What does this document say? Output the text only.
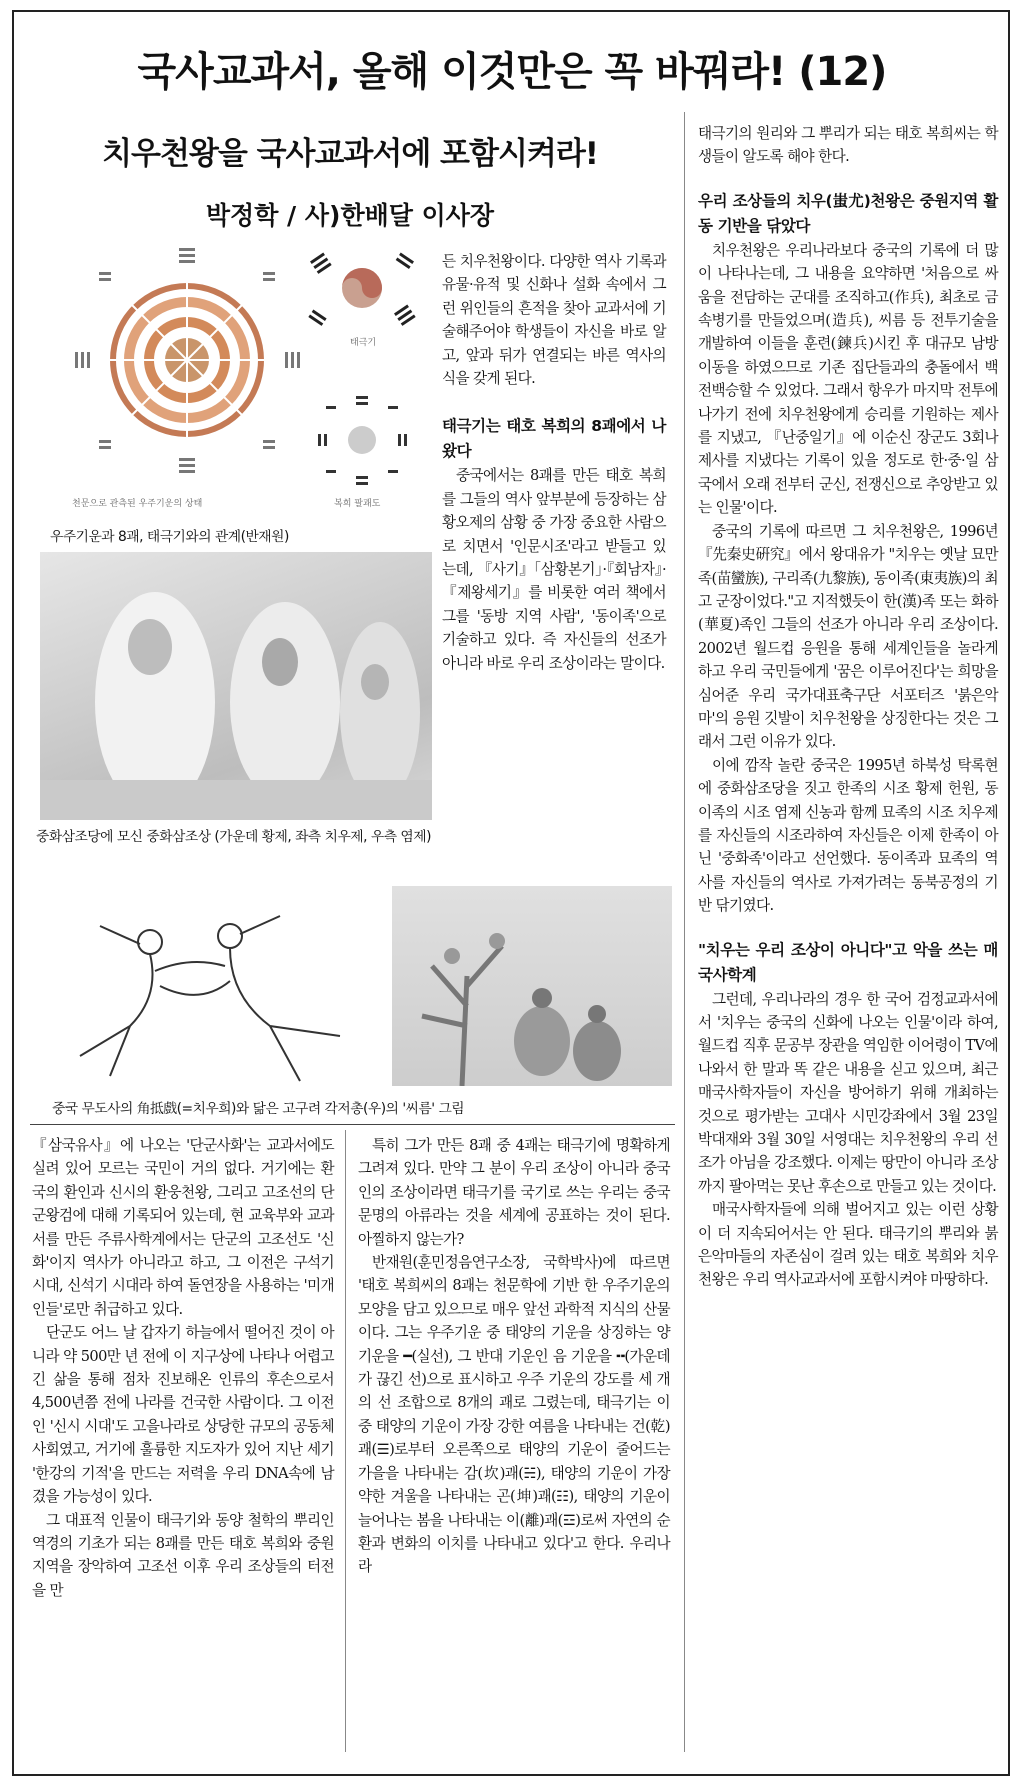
국사교과서, 올해 이것만은 꼭 바꿔라! (12)
치우천왕을 국사교과서에 포함시켜라!
박정학 / 사)한배달 이사장
천문으로 관측된 우주기운의 상태
태극기
복희 팔괘도
우주기운과 8괘, 태극기와의 관계(반재원)
중화삼조당에 모신 중화삼조상 (가운데 황제, 좌측 치우제, 우측 염제)
중국 무도사의 角抵戲(=치우희)와 닮은 고구려 각저총(우)의 '씨름' 그림

든 치우천왕이다. 다양한 역사 기록과 유물·유적 및 신화나 설화 속에서 그런 위인들의 흔적을 찾아 교과서에 기술해주어야 학생들이 자신을 바로 알고, 앞과 뒤가 연결되는 바른 역사의식을 갖게 된다.

태극기는 태호 복희의 8괘에서 나왔다

중국에서는 8괘를 만든 태호 복희를 그들의 역사 앞부분에 등장하는 삼황오제의 삼황 중 가장 중요한 사람으로 치면서 '인문시조'라고 받들고 있는데, 『사기』「삼황본기」·『회남자』·『제왕세기』를 비롯한 여러 책에서 그를 '동방 지역 사람', '동이족'으로 기술하고 있다. 즉 자신들의 선조가 아니라 바로 우리 조상이라는 말이다.

태극기의 원리와 그 뿌리가 되는 태호 복희씨는 학생들이 알도록 해야 한다.

우리 조상들의 치우(蚩尤)천왕은 중원지역 활동 기반을 닦았다

치우천왕은 우리나라보다 중국의 기록에 더 많이 나타나는데, 그 내용을 요약하면 '처음으로 싸움을 전담하는 군대를 조직하고(作兵), 최초로 금속병기를 만들었으며(造兵), 씨름 등 전투기술을 개발하여 이들을 훈련(鍊兵)시킨 후 대규모 남방 이동을 하였으므로 기존 집단들과의 충돌에서 백전백승할 수 있었다. 그래서 항우가 마지막 전투에 나가기 전에 치우천왕에게 승리를 기원하는 제사를 지냈고, 『난중일기』에 이순신 장군도 3회나 제사를 지냈다는 기록이 있을 정도로 한·중·일 삼국에서 오래 전부터 군신, 전쟁신으로 추앙받고 있는 인물'이다.

중국의 기록에 따르면 그 치우천왕은, 1996년 『先秦史硏究』에서 왕대유가 "치우는 옛날 묘만족(苗蠻族), 구리족(九黎族), 동이족(東夷族)의 최고 군장이었다."고 지적했듯이 한(漢)족 또는 화하(華夏)족인 그들의 선조가 아니라 우리 조상이다. 2002년 월드컵 응원을 통해 세계인들을 놀라게 하고 우리 국민들에게 '꿈은 이루어진다'는 희망을 심어준 우리 국가대표축구단 서포터즈 '붉은악마'의 응원 깃발이 치우천왕을 상징한다는 것은 그래서 그런 이유가 있다.

이에 깜작 놀란 중국은 1995년 하북성 탁록현에 중화삼조당을 짓고 한족의 시조 황제 헌원, 동이족의 시조 염제 신농과 함께 묘족의 시조 치우제를 자신들의 시조라하여 자신들은 이제 한족이 아닌 '중화족'이라고 선언했다. 동이족과 묘족의 역사를 자신들의 역사로 가져가려는 동북공정의 기반 닦기였다.

"치우는 우리 조상이 아니다"고 악을 쓰는 매국사학계

그런데, 우리나라의 경우 한 국어 검정교과서에서 '치우는 중국의 신화에 나오는 인물'이라 하여, 월드컵 직후 문공부 장관을 역임한 이어령이 TV에 나와서 한 말과 똑 같은 내용을 싣고 있으며, 최근 매국사학자들이 자신을 방어하기 위해 개최하는 것으로 평가받는 고대사 시민강좌에서 3월 23일 박대재와 3월 30일 서영대는 치우천왕의 우리 선조가 아님을 강조했다. 이제는 땅만이 아니라 조상까지 팔아먹는 못난 후손으로 만들고 있는 것이다.

매국사학자들에 의해 벌어지고 있는 이런 상황이 더 지속되어서는 안 된다. 태극기의 뿌리와 붉은악마들의 자존심이 걸려 있는 태호 복희와 치우천왕은 우리 역사교과서에 포함시켜야 마땅하다.

『삼국유사』에 나오는 '단군사화'는 교과서에도 실려 있어 모르는 국민이 거의 없다. 거기에는 환국의 환인과 신시의 환웅천왕, 그리고 고조선의 단군왕검에 대해 기록되어 있는데, 현 교육부와 교과서를 만든 주류사학계에서는 단군의 고조선도 '신화'이지 역사가 아니라고 하고, 그 이전은 구석기 시대, 신석기 시대라 하여 돌연장을 사용하는 '미개인들'로만 취급하고 있다.

단군도 어느 날 갑자기 하늘에서 떨어진 것이 아니라 약 500만 년 전에 이 지구상에 나타나 어렵고 긴 삶을 통해 점차 진보해온 인류의 후손으로서 4,500년쯤 전에 나라를 건국한 사람이다. 그 이전인 '신시 시대'도 고을나라로 상당한 규모의 공동체 사회였고, 거기에 훌륭한 지도자가 있어 지난 세기 '한강의 기적'을 만드는 저력을 우리 DNA속에 남겼을 가능성이 있다.

그 대표적 인물이 태극기와 동양 철학의 뿌리인 역경의 기초가 되는 8괘를 만든 태호 복희와 중원지역을 장악하여 고조선 이후 우리 조상들의 터전을 만

특히 그가 만든 8괘 중 4괘는 태극기에 명확하게 그려져 있다. 만약 그 분이 우리 조상이 아니라 중국인의 조상이라면 태극기를 국기로 쓰는 우리는 중국 문명의 아류라는 것을 세계에 공표하는 것이 된다. 아찔하지 않는가?

반재원(훈민정음연구소장, 국학박사)에 따르면 '태호 복희씨의 8괘는 천문학에 기반 한 우주기운의 모양을 담고 있으므로 매우 앞선 과학적 지식의 산물이다. 그는 우주기운 중 태양의 기운을 상징하는 양 기운을 ━(실선), 그 반대 기운인 음 기운을 ╍(가운데가 끊긴 선)으로 표시하고 우주 기운의 강도를 세 개의 선 조합으로 8개의 괘로 그렸는데, 태극기는 이 중 태양의 기운이 가장 강한 여름을 나타내는 건(乾)괘(☰)로부터 오른쪽으로 태양의 기운이 줄어드는 가을을 나타내는 감(坎)괘(☵), 태양의 기운이 가장 약한 겨울을 나타내는 곤(坤)괘(☷), 태양의 기운이 늘어나는 봄을 나타내는 이(離)괘(☲)로써 자연의 순환과 변화의 이치를 나타내고 있다'고 한다. 우리나라
